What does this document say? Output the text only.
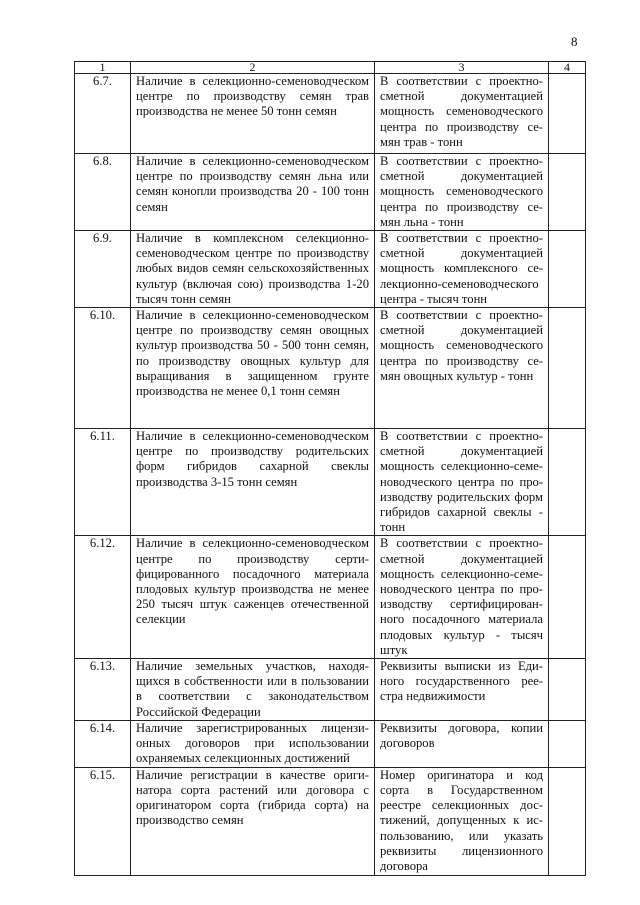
8
1	2	3	4
6.7.	Наличие в селекционно-семеноводческом центре по производству семян трав производства не менее 50 тонн семян	В соответствии с проектно-сметной документацией мощность семеноводческого центра по производству семян трав - тонн	
6.8.	Наличие в селекционно-семеноводческом центре по производству семян льна или семян конопли производства 20 - 100 тонн семян	В соответствии с проектно-сметной документацией мощность семеноводческого центра по производству семян льна - тонн	
6.9.	Наличие в комплексном селекционно-семеноводческом центре по производству любых видов семян сельскохозяйственных культур (включая сою) производства 1-20 тысяч тонн семян	В соответствии с проектно-сметной документацией мощность комплексного селекционно-семеноводческого центра - тысяч тонн	
6.10.	Наличие в селекционно-семеноводческом центре по производству семян овощных культур производства 50 - 500 тонн семян, по производству овощных культур для выращивания в защищенном грунте производства не менее 0,1 тонн семян	В соответствии с проектно-сметной документацией мощность семеноводческого центра по производству семян овощных культур - тонн	
6.11.	Наличие в селекционно-семеноводческом центре по производству родительских форм гибридов сахарной свеклы производства 3-15 тонн семян	В соответствии с проектно-сметной документацией мощность селекционно-семеноводческого центра по производству родительских форм гибридов сахарной свеклы - тонн	
6.12.	Наличие в селекционно-семеноводческом центре по производству сертифицированного посадочного материала плодовых культур производства не менее 250 тысяч штук саженцев отечественной селекции	В соответствии с проектно-сметной документацией мощность селекционно-семеноводческого центра по производству сертифицированного посадочного материала плодовых культур - тысяч штук	
6.13.	Наличие земельных участков, находящихся в собственности или в пользовании в соответствии с законодательством Российской Федерации	Реквизиты выписки из Единого государственного реестра недвижимости	
6.14.	Наличие зарегистрированных лицензионных договоров при использовании охраняемых селекционных достижений	Реквизиты договора, копии договоров	
6.15.	Наличие регистрации в качестве оригинатора сорта растений или договора с оригинатором сорта (гибрида сорта) на производство семян	Номер оригинатора и код сорта в Государственном реестре селекционных достижений, допущенных к использованию, или указать реквизиты лицензионного договора	
